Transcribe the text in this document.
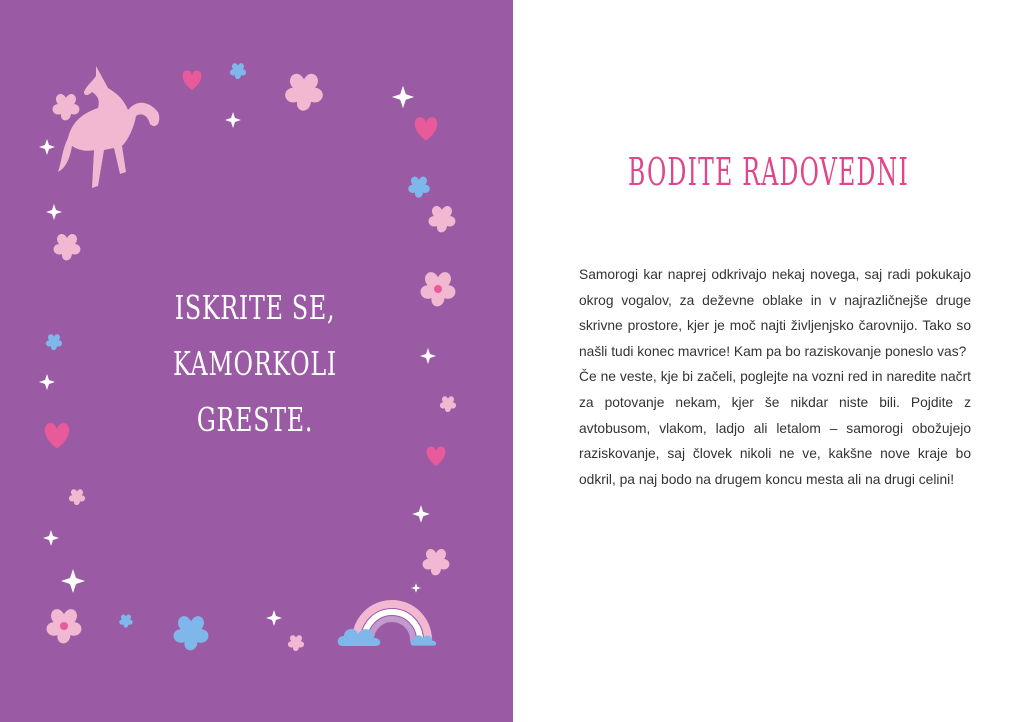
ISKRITE SE,
KAMORKOLI
GRESTE.
BODITE RADOVEDNI

Samorogi kar naprej odkrivajo nekaj novega, saj radi pokukajo okrog vogalov, za deževne oblake in v najrazličnejše druge skrivne prostore, kjer je moč najti življenjsko čarovnijo. Tako so našli tudi konec mavrice! Kam pa bo raziskovanje poneslo vas?

Če ne veste, kje bi začeli, poglejte na vozni red in naredite načrt za potovanje nekam, kjer še nikdar niste bili. Pojdite z avtobusom, vlakom, ladjo ali letalom – samorogi obožujejo raziskovanje, saj človek nikoli ne ve, kakšne nove kraje bo odkril, pa naj bodo na drugem koncu mesta ali na drugi celini!
